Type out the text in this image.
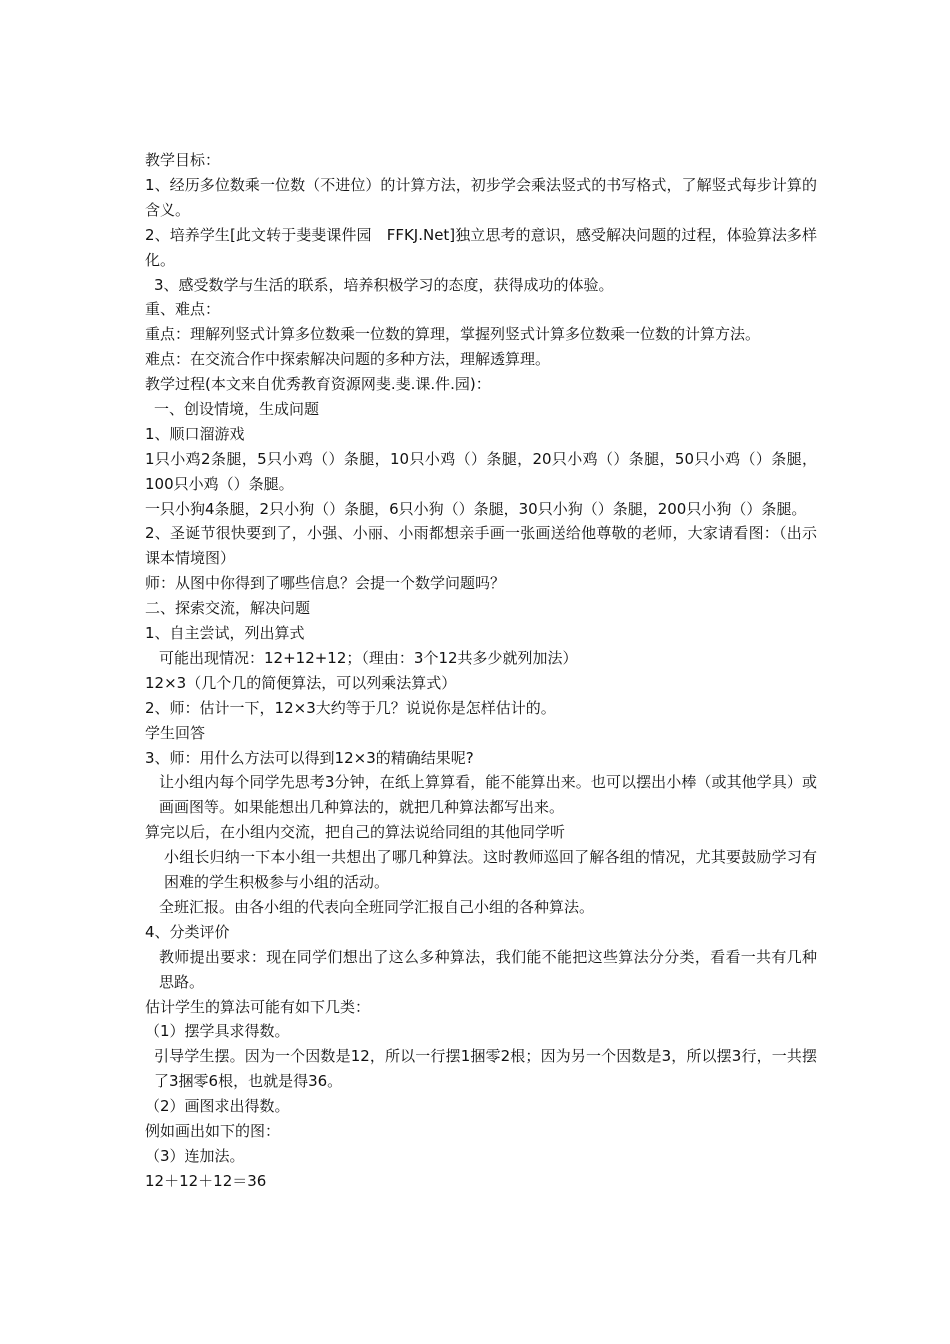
教学目标：
1、经历多位数乘一位数（不进位）的计算方法，初步学会乘法竖式的书写格式，了解竖式每步计算的含义。
2、培养学生[此文转于斐斐课件园　FFKJ.Net]独立思考的意识，感受解决问题的过程，体验算法多样化。
3、感受数学与生活的联系，培养积极学习的态度，获得成功的体验。
重、难点：
重点：理解列竖式计算多位数乘一位数的算理，掌握列竖式计算多位数乘一位数的计算方法。
难点：在交流合作中探索解决问题的多种方法，理解透算理。
教学过程(本文来自优秀教育资源网斐.斐.课.件.园)：
一、创设情境，生成问题
1、顺口溜游戏
1只小鸡2条腿，5只小鸡（）条腿，10只小鸡（）条腿，20只小鸡（）条腿，50只小鸡（）条腿，100只小鸡（）条腿。
一只小狗4条腿，2只小狗（）条腿，6只小狗（）条腿，30只小狗（）条腿，200只小狗（）条腿。
2、圣诞节很快要到了，小强、小丽、小雨都想亲手画一张画送给他尊敬的老师，大家请看图：（出示课本情境图）
师：从图中你得到了哪些信息？会提一个数学问题吗？
二、探索交流，解决问题
1、自主尝试，列出算式
可能出现情况：12+12+12；（理由：3个12共多少就列加法）
12×3（几个几的简便算法，可以列乘法算式）
2、师：估计一下，12×3大约等于几？说说你是怎样估计的。
学生回答
3、师：用什么方法可以得到12×3的精确结果呢?
让小组内每个同学先思考3分钟，在纸上算算看，能不能算出来。也可以摆出小棒（或其他学具）或画画图等。如果能想出几种算法的，就把几种算法都写出来。
算完以后，在小组内交流，把自己的算法说给同组的其他同学听
小组长归纳一下本小组一共想出了哪几种算法。这时教师巡回了解各组的情况，尤其要鼓励学习有困难的学生积极参与小组的活动。
全班汇报。由各小组的代表向全班同学汇报自己小组的各种算法。
4、分类评价
教师提出要求：现在同学们想出了这么多种算法，我们能不能把这些算法分分类，看看一共有几种思路。
估计学生的算法可能有如下几类：
（1）摆学具求得数。
引导学生摆。因为一个因数是12，所以一行摆1捆零2根；因为另一个因数是3，所以摆3行，一共摆了3捆零6根，也就是得36。
（2）画图求出得数。
例如画出如下的图：
（3）连加法。
12＋12＋12＝36
